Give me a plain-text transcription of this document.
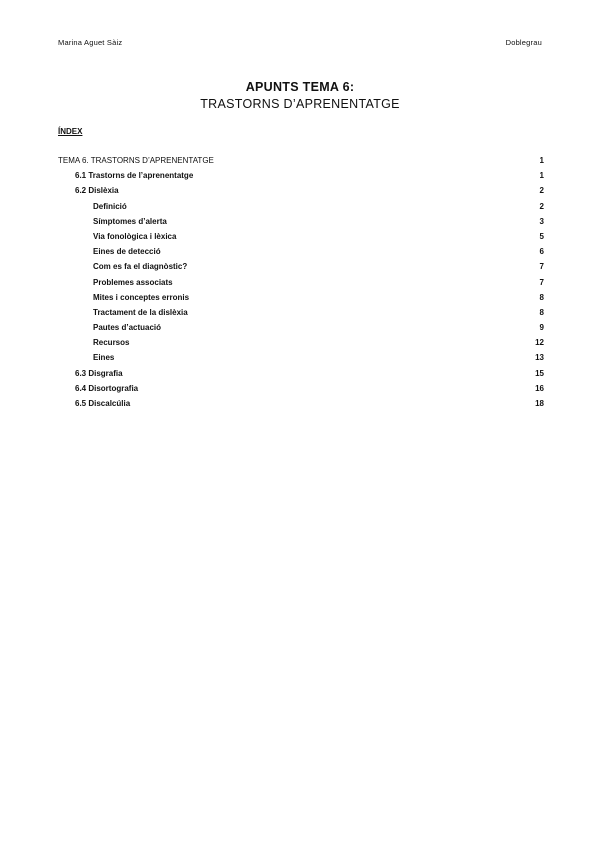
Marina Aguet Sàiz	Doblegrau
APUNTS TEMA 6:
TRASTORNS D’APRENENTATGE
ÍNDEX
TEMA 6. TRASTORNS D’APRENENTATGE	1
6.1 Trastorns de l’aprenentatge	1
6.2 Dislèxia	2
Definició	2
Símptomes d’alerta	3
Via fonològica i lèxica	5
Eines de detecció	6
Com es fa el diagnòstic?	7
Problemes associats	7
Mites i conceptes erronis	8
Tractament de la dislèxia	8
Pautes d’actuació	9
Recursos	12
Eines	13
6.3 Disgrafia	15
6.4 Disortografia	16
6.5 Discalcúlia	18
